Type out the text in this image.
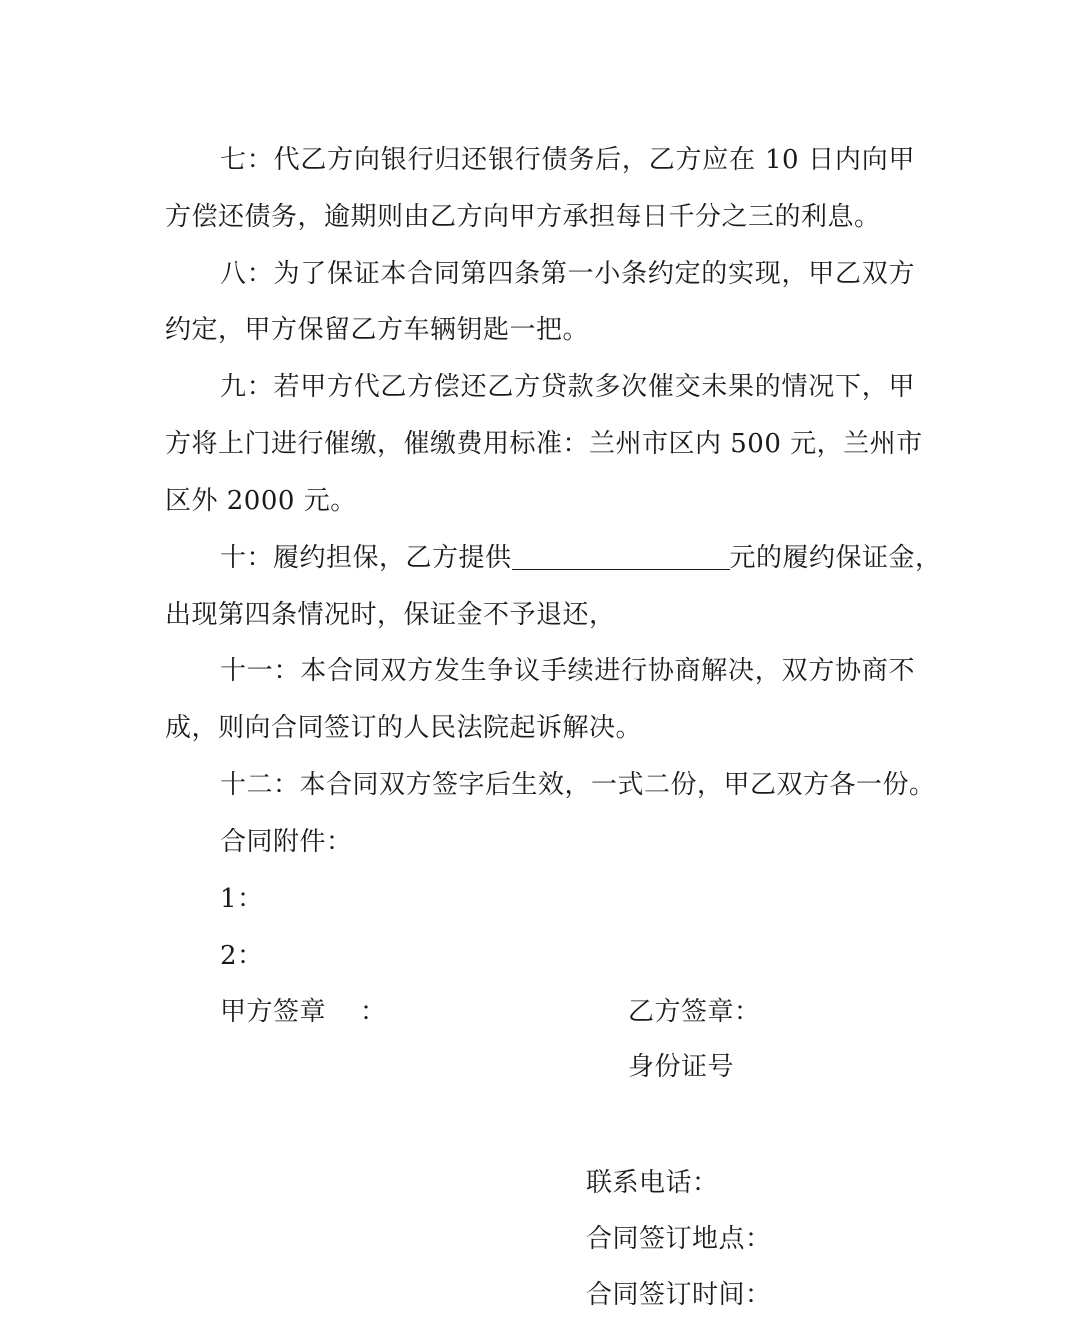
七：代乙方向银行归还银行债务后，乙方应在 10 日内向甲
方偿还债务，逾期则由乙方向甲方承担每日千分之三的利息。
八：为了保证本合同第四条第一小条约定的实现，甲乙双方
约定，甲方保留乙方车辆钥匙一把。
九：若甲方代乙方偿还乙方贷款多次催交未果的情况下，甲
方将上门进行催缴，催缴费用标准：兰州市区内 500 元，兰州市
区外 2000 元。
十：履约担保，乙方提供	元的履约保证金，
出现第四条情况时，保证金不予退还，
十一：本合同双方发生争议手续进行协商解决，双方协商不
成，则向合同签订的人民法院起诉解决。
十二：本合同双方签字后生效，一式二份，甲乙双方各一份。
合同附件：
1：
2：
甲方签章 ：	乙方签章：
身份证号
联系电话：
合同签订地点：
合同签订时间：
